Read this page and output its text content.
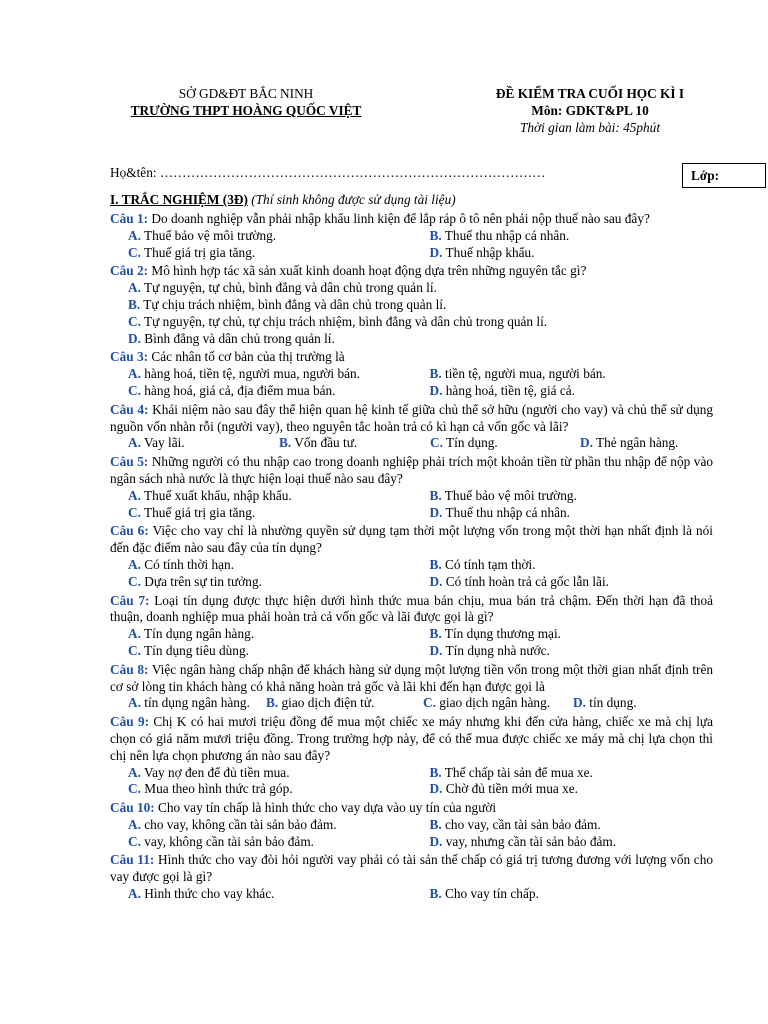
SỞ GD&ĐT BẮC NINH
TRƯỜNG THPT HOÀNG QUỐC VIỆT
ĐỀ KIỂM TRA CUỐI HỌC KÌ I
Môn: GDKT&PL 10
Thời gian làm bài: 45phút
Họ&tên: ……………………………………………………………………………	Lớp:
I. TRẮC NGHIỆM (3Đ) (Thí sinh không được sử dụng tài liệu)
Câu 1: Do doanh nghiệp vẫn phải nhập khẩu linh kiện để lắp ráp ô tô nên phải nộp thuế nào sau đây?
A. Thuế bảo vệ môi trường.	B. Thuế thu nhập cá nhân.
C. Thuế giá trị gia tăng.	D. Thuế nhập khẩu.
Câu 2: Mô hình hợp tác xã sản xuất kinh doanh hoạt động dựa trên những nguyên tắc gì?
A. Tự nguyện, tự chủ, bình đẳng và dân chủ trong quản lí.
B. Tự chịu trách nhiệm, bình đẳng và dân chủ trong quản lí.
C. Tự nguyện, tự chủ, tự chịu trách nhiệm, bình đẳng và dân chủ trong quản lí.
D. Bình đẳng và dân chủ trong quản lí.
Câu 3: Các nhân tố cơ bản của thị trường là
A. hàng hoá, tiền tệ, người mua, người bán.	B. tiền tệ, người mua, người bán.
C. hàng hoá, giá cả, địa điểm mua bán.	D. hàng hoá, tiền tệ, giá cả.
Câu 4: Khái niệm nào sau đây thể hiện quan hệ kinh tế giữa chủ thể sở hữu (người cho vay) và chủ thể sử dụng nguồn vốn nhàn rỗi (người vay), theo nguyên tắc hoàn trả có kì hạn cả vốn gốc và lãi?
A. Vay lãi.	B. Vốn đầu tư.	C. Tín dụng.	D. Thẻ ngân hàng.
Câu 5: Những người có thu nhập cao trong doanh nghiệp phải trích một khoản tiền từ phần thu nhập để nộp vào ngân sách nhà nước là thực hiện loại thuế nào sau đây?
A. Thuế xuất khẩu, nhập khẩu.	B. Thuế bảo vệ môi trường.
C. Thuế giá trị gia tăng.	D. Thuế thu nhập cá nhân.
Câu 6: Việc cho vay chỉ là nhường quyền sử dụng tạm thời một lượng vốn trong một thời hạn nhất định là nói đến đặc điểm nào sau đây của tín dụng?
A. Có tính thời hạn.	B. Có tính tạm thời.
C. Dựa trên sự tin tưởng.	D. Có tính hoàn trả cả gốc lẫn lãi.
Câu 7: Loại tín dụng được thực hiện dưới hình thức mua bán chịu, mua bán trả chậm. Đến thời hạn đã thoả thuận, doanh nghiệp mua phải hoàn trả cả vốn gốc và lãi được gọi là gì?
A. Tín dụng ngân hàng.	B. Tín dụng thương mại.
C. Tín dụng tiêu dùng.	D. Tín dụng nhà nước.
Câu 8: Việc ngân hàng chấp nhận để khách hàng sử dụng một lượng tiền vốn trong một thời gian nhất định trên cơ sở lòng tin khách hàng có khả năng hoàn trả gốc và lãi khi đến hạn được gọi là
A. tín dụng ngân hàng.	B. giao dịch điện tử.	C. giao dịch ngân hàng.	D. tín dụng.
Câu 9: Chị K có hai mươi triệu đồng để mua một chiếc xe máy nhưng khi đến cửa hàng, chiếc xe mà chị lựa chọn có giá năm mươi triệu đồng. Trong trường hợp này, để có thể mua được chiếc xe máy mà chị lựa chọn thì chị nên lựa chọn phương án nào sau đây?
A. Vay nợ đen để đủ tiền mua.	B. Thế chấp tài sản để mua xe.
C. Mua theo hình thức trả góp.	D. Chờ đủ tiền mới mua xe.
Câu 10: Cho vay tín chấp là hình thức cho vay dựa vào uy tín của người
A. cho vay, không cần tài sản bảo đảm.	B. cho vay, cần tài sản bảo đảm.
C. vay, không cần tài sản bảo đảm.	D. vay, nhưng cần tài sản bảo đảm.
Câu 11: Hình thức cho vay đòi hỏi người vay phải có tài sản thế chấp có giá trị tương đương với lượng vốn cho vay được gọi là gì?
A. Hình thức cho vay khác.	B. Cho vay tín chấp.
